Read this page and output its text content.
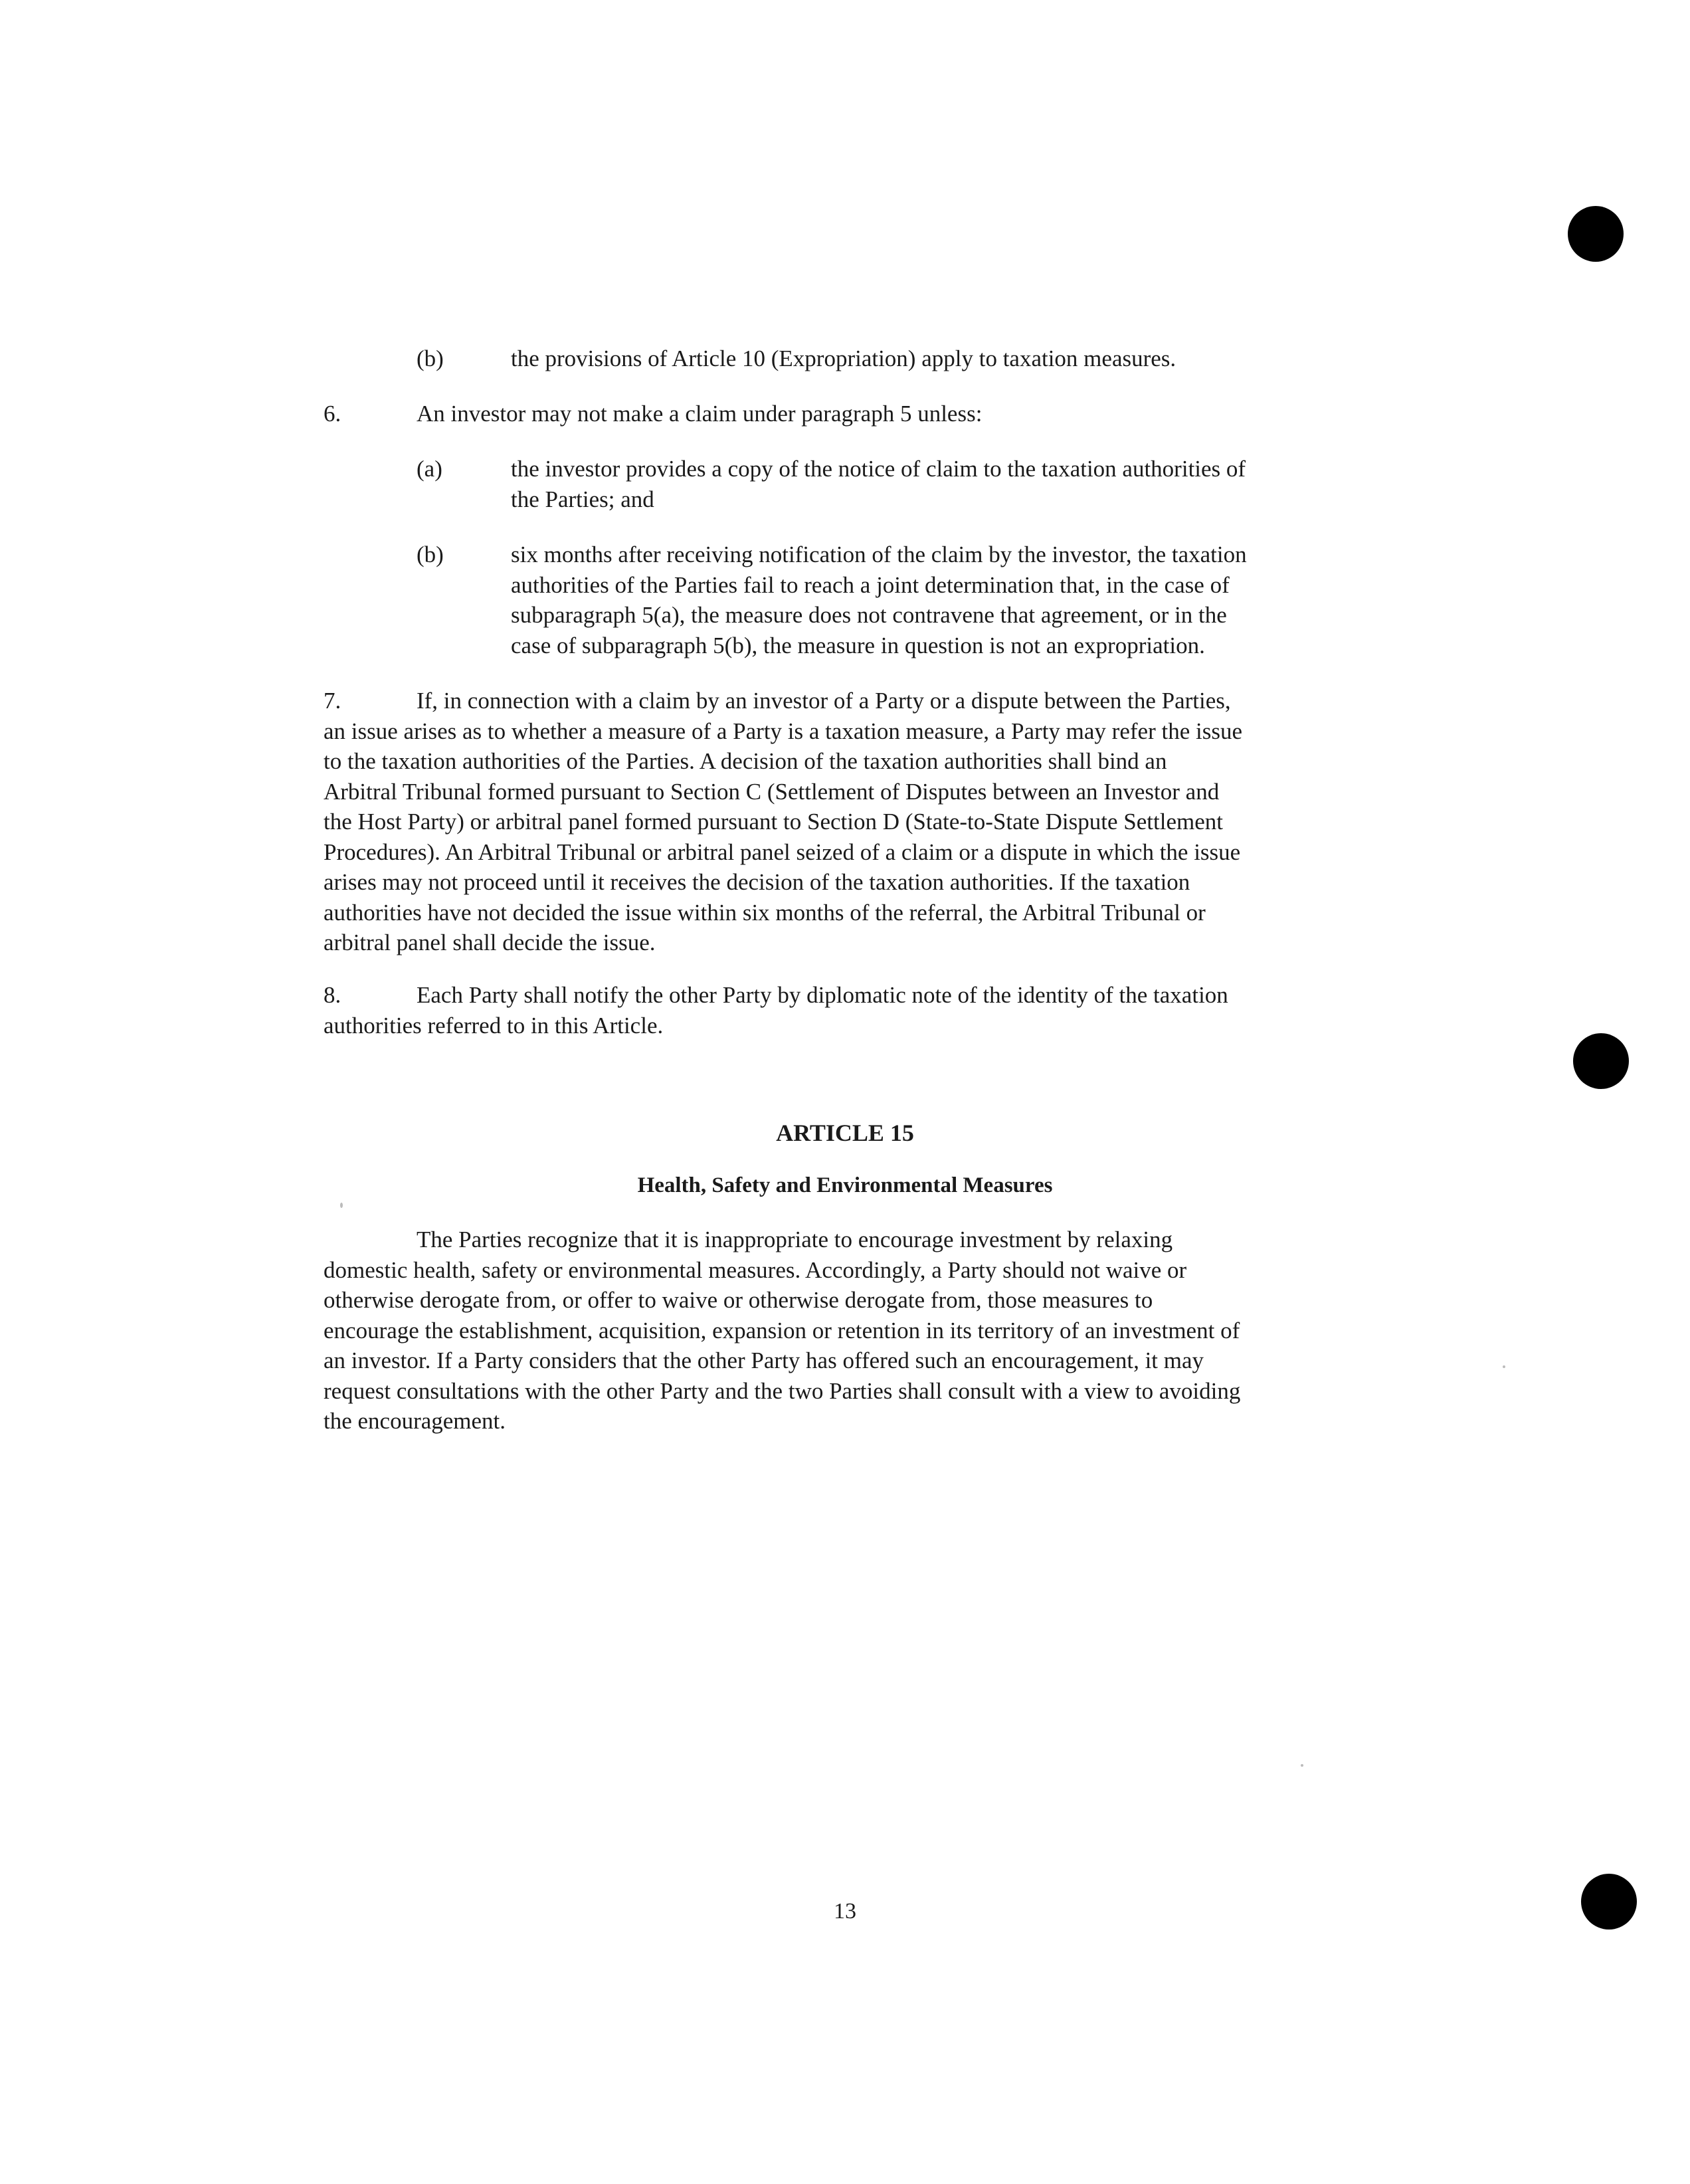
(b)	the provisions of Article 10 (Expropriation) apply to taxation measures.
6.	An investor may not make a claim under paragraph 5 unless:
(a)	the investor provides a copy of the notice of claim to the taxation authorities of
the Parties; and
(b)	six months after receiving notification of the claim by the investor, the taxation
authorities of the Parties fail to reach a joint determination that, in the case of
subparagraph 5(a), the measure does not contravene that agreement, or in the
case of subparagraph 5(b), the measure in question is not an expropriation.
7.	If, in connection with a claim by an investor of a Party or a dispute between the Parties,
an issue arises as to whether a measure of a Party is a taxation measure, a Party may refer the issue
to the taxation authorities of the Parties. A decision of the taxation authorities shall bind an
Arbitral Tribunal formed pursuant to Section C (Settlement of Disputes between an Investor and
the Host Party) or arbitral panel formed pursuant to Section D (State-to-State Dispute Settlement
Procedures). An Arbitral Tribunal or arbitral panel seized of a claim or a dispute in which the issue
arises may not proceed until it receives the decision of the taxation authorities. If the taxation
authorities have not decided the issue within six months of the referral, the Arbitral Tribunal or
arbitral panel shall decide the issue.
8.	Each Party shall notify the other Party by diplomatic note of the identity of the taxation
authorities referred to in this Article.
ARTICLE 15
Health, Safety and Environmental Measures
The Parties recognize that it is inappropriate to encourage investment by relaxing
domestic health, safety or environmental measures. Accordingly, a Party should not waive or
otherwise derogate from, or offer to waive or otherwise derogate from, those measures to
encourage the establishment, acquisition, expansion or retention in its territory of an investment of
an investor. If a Party considers that the other Party has offered such an encouragement, it may
request consultations with the other Party and the two Parties shall consult with a view to avoiding
the encouragement.
13
